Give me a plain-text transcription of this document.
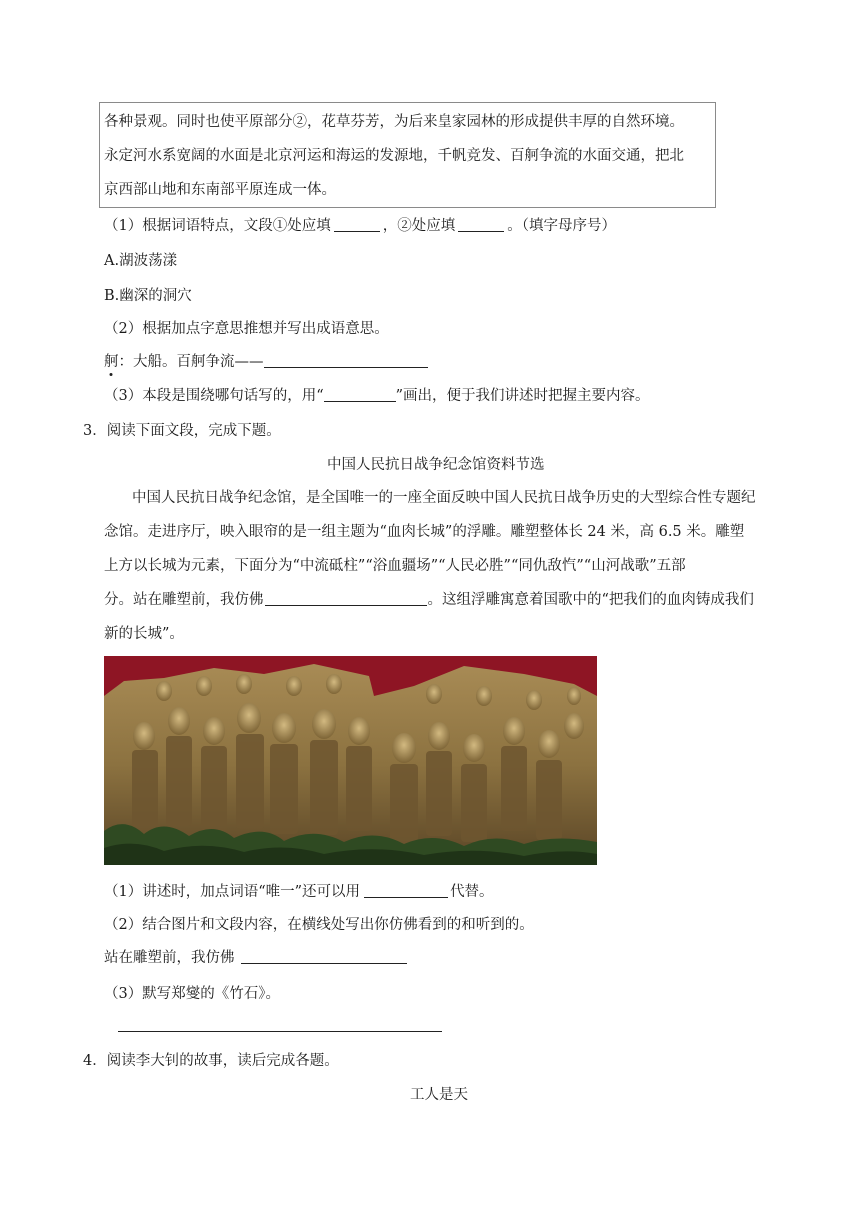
各种景观。同时也使平原部分②，花草芬芳，为后来皇家园林的形成提供丰厚的自然环境。
永定河水系宽阔的水面是北京河运和海运的发源地，千帆竞发、百舸争流的水面交通，把北
京西部山地和东南部平原连成一体。
（1）根据词语特点，文段①处应填	，②处应填	。（填字母序号）
A.湖波荡漾
B.幽深的洞穴
（2）根据加点字意思推想并写出成语意思。
舸：大船。百舸争流——
（3）本段是围绕哪句话写的，用“	”画出，便于我们讲述时把握主要内容。
3．阅读下面文段，完成下题。
中国人民抗日战争纪念馆资料节选
中国人民抗日战争纪念馆，是全国唯一的一座全面反映中国人民抗日战争历史的大型综合性专题纪
念馆。走进序厅，映入眼帘的是一组主题为“血肉长城”的浮雕。雕塑整体长 24 米，高 6.5 米。雕塑
上方以长城为元素，下面分为“中流砥柱”“浴血疆场”“人民必胜”“同仇敌忾”“山河战歌”五部
分。站在雕塑前，我仿佛	。这组浮雕寓意着国歌中的“把我们的血肉铸成我们
新的长城”。
（1）讲述时，加点词语“唯一”还可以用	代替。
（2）结合图片和文段内容，在横线处写出你仿佛看到的和听到的。
站在雕塑前，我仿佛
（3）默写郑燮的《竹石》。
4．阅读李大钊的故事，读后完成各题。
工人是天
